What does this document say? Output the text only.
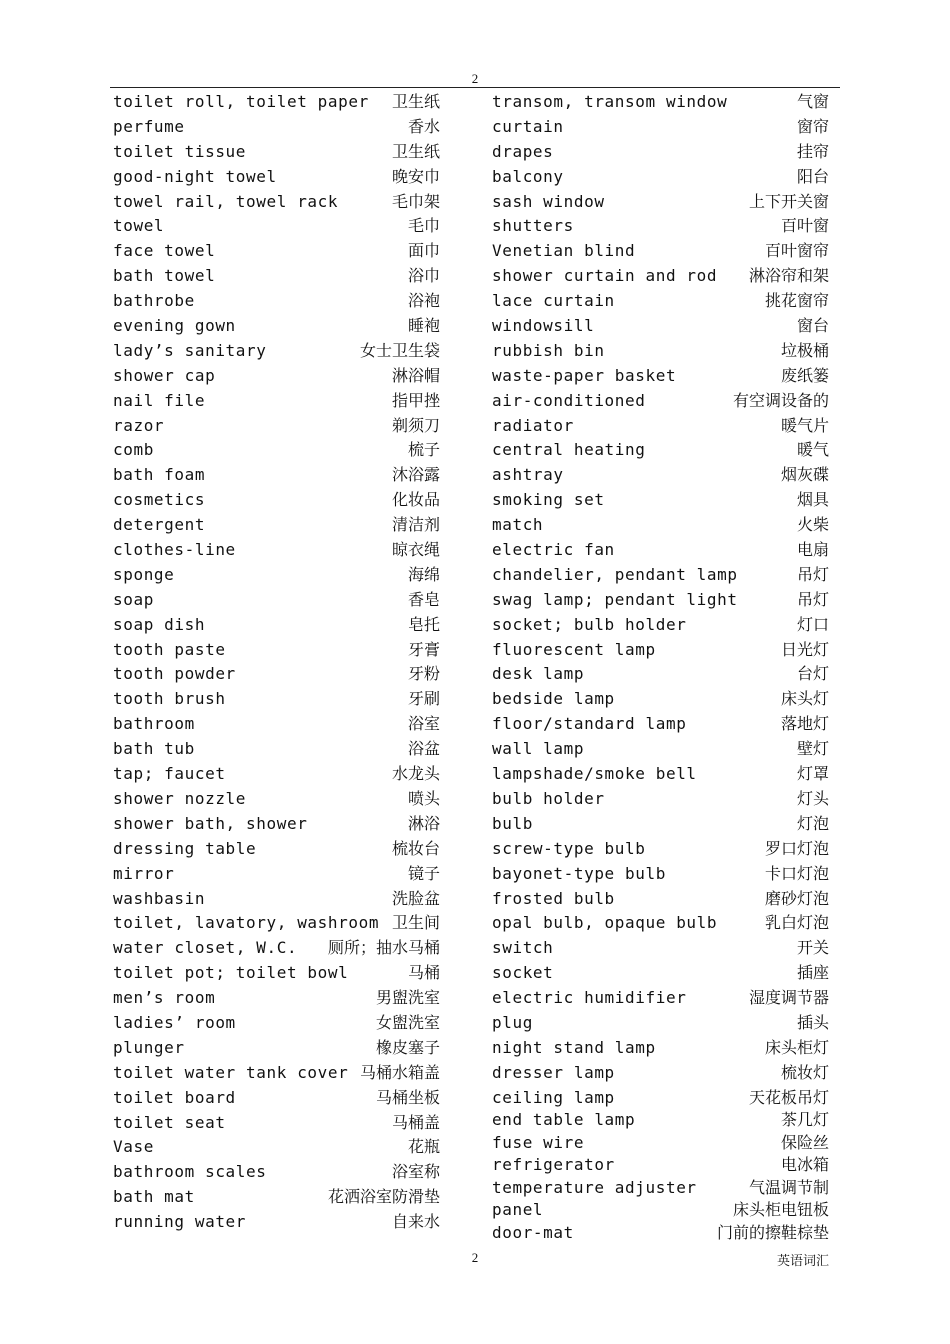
2
toilet roll, toilet paper 卫生纸
perfume	香水
toilet tissue	卫生纸
good-night towel	晚安巾
towel rail, towel rack	毛巾架
towel	毛巾
face towel	面巾
bath towel	浴巾
bathrobe	浴袍
evening gown	睡袍
lady’s sanitary	女士卫生袋
shower cap	淋浴帽
nail file	指甲挫
razor	剃须刀
comb	梳子
bath foam	沐浴露
cosmetics	化妆品
detergent	清洁剂
clothes-line	晾衣绳
sponge	海绵
soap	香皂
soap dish	皂托
tooth paste	牙膏
tooth powder	牙粉
tooth brush	牙刷
bathroom	浴室
bath tub	浴盆
tap; faucet	水龙头
shower nozzle	喷头
shower bath, shower	淋浴
dressing table	梳妆台
mirror	镜子
washbasin	洗脸盆
toilet, lavatory, washroom 卫生间
water closet, W.C. 厕所；抽水马桶
toilet pot; toilet bowl	马桶
men’s room	男盥洗室
ladies’ room	女盥洗室
plunger	橡皮塞子
toilet water tank cover 马桶水箱盖
toilet board	马桶坐板
toilet seat	马桶盖
Vase	花瓶
bathroom scales	浴室称
bath mat	花洒浴室防滑垫
running water	自来水
transom, transom window	气窗
curtain	窗帘
drapes	挂帘
balcony	阳台
sash window	上下开关窗
shutters	百叶窗
Venetian blind	百叶窗帘
shower curtain and rod 淋浴帘和架
lace curtain	挑花窗帘
windowsill	窗台
rubbish bin	垃极桶
waste-paper basket	废纸篓
air-conditioned	有空调设备的
radiator	暖气片
central heating	暖气
ashtray	烟灰碟
smoking set	烟具
match	火柴
electric fan	电扇
chandelier, pendant lamp	吊灯
swag lamp; pendant light	吊灯
socket; bulb holder	灯口
fluorescent lamp	日光灯
desk lamp	台灯
bedside lamp	床头灯
floor/standard lamp	落地灯
wall lamp	壁灯
lampshade/smoke bell	灯罩
bulb holder	灯头
bulb	灯泡
screw-type bulb	罗口灯泡
bayonet-type bulb	卡口灯泡
frosted bulb	磨砂灯泡
opal bulb, opaque bulb	乳白灯泡
switch	开关
socket	插座
electric humidifier	湿度调节器
plug	插头
night stand lamp	床头柜灯
dresser lamp	梳妆灯
ceiling lamp	天花板吊灯
end table lamp	茶几灯
fuse wire	保险丝
refrigerator	电冰箱
temperature adjuster	气温调节制
panel	床头柜电钮板
door-mat	门前的擦鞋棕垫
2	英语词汇
